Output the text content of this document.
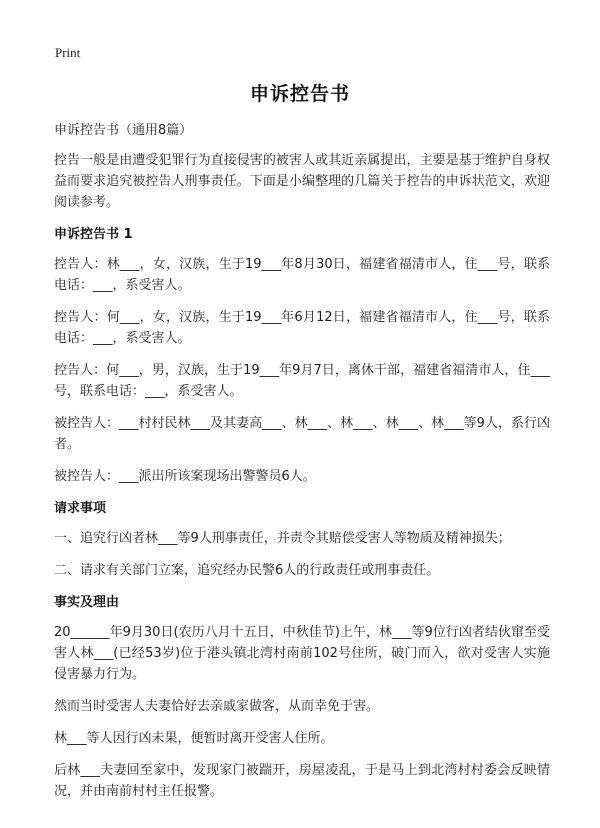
Print
申诉控告书

申诉控告书（通用8篇）

控告一般是由遭受犯罪行为直接侵害的被害人或其近亲属提出，主要是基于维护自身权益而要求追究被控告人刑事责任。下面是小编整理的几篇关于控告的申诉状范文，欢迎阅读参考。

申诉控告书 1

控告人：林___，女，汉族，生于19___年8月30日，福建省福清市人，住___号，联系电话：___，系受害人。

控告人：何___，女，汉族，生于19___年6月12日，福建省福清市人，住___号，联系电话：___，系受害人。

控告人：何___，男，汉族，生于19___年9月7日，离休干部，福建省福清市人，住___号，联系电话：___，系受害人。

被控告人：___村村民林___及其妻高___、林___、林___、林___、林___等9人，系行凶者。

被控告人：___派出所该案现场出警警员6人。

请求事项

一、追究行凶者林___等9人刑事责任，并责令其赔偿受害人等物质及精神损失；

二、请求有关部门立案，追究经办民警6人的行政责任或刑事责任。

事实及理由

20______年9月30日(农历八月十五日，中秋佳节)上午，林___等9位行凶者结伙窜至受害人林___(已经53岁)位于港头镇北湾村南前102号住所，破门而入，欲对受害人实施侵害暴力行为。

然而当时受害人夫妻恰好去亲戚家做客，从而幸免于害。

林___等人因行凶未果，便暂时离开受害人住所。

后林___夫妻回至家中，发现家门被踹开，房屋凌乱，于是马上到北湾村村委会反映情况，并由南前村村主任报警。
